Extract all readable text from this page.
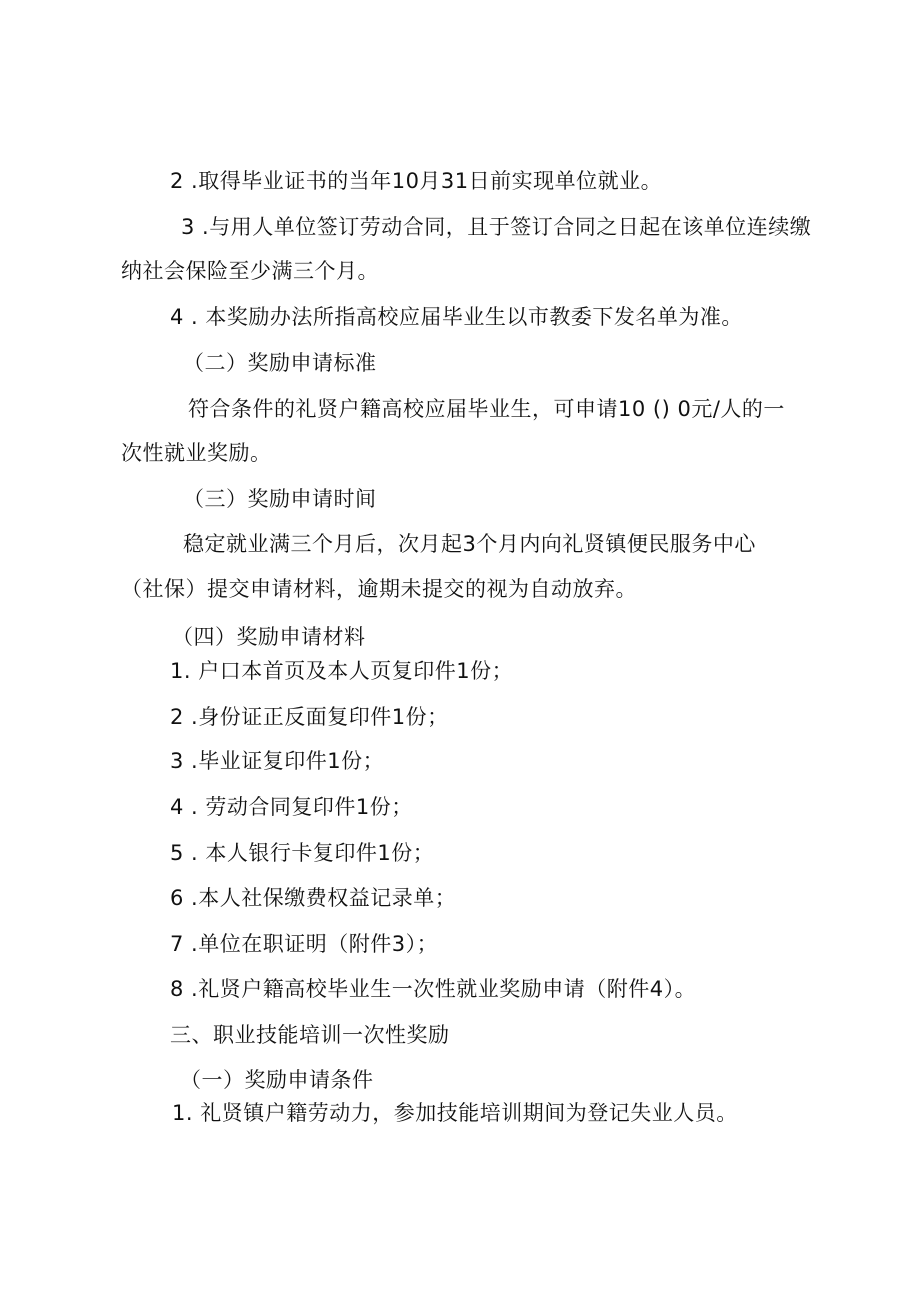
2 .取得毕业证书的当年10月31日前实现单位就业。
3 .与用人单位签订劳动合同，且于签订合同之日起在该单位连续缴
纳社会保险至少满三个月。
4 . 本奖励办法所指高校应届毕业生以市教委下发名单为准。
（二）奖励申请标准
符合条件的礼贤户籍高校应届毕业生，可申请10 () 0元/人的一
次性就业奖励。
（三）奖励申请时间
稳定就业满三个月后，次月起3个月内向礼贤镇便民服务中心
（社保）提交申请材料，逾期未提交的视为自动放弃。
（四）奖励申请材料
1. 户口本首页及本人页复印件1份；
2 .身份证正反面复印件1份；
3 .毕业证复印件1份；
4 . 劳动合同复印件1份；
5 . 本人银行卡复印件1份；
6 .本人社保缴费权益记录单；
7 .单位在职证明（附件3）；
8 .礼贤户籍高校毕业生一次性就业奖励申请（附件4）。
三、职业技能培训一次性奖励
（一）奖励申请条件
1. 礼贤镇户籍劳动力，参加技能培训期间为登记失业人员。
